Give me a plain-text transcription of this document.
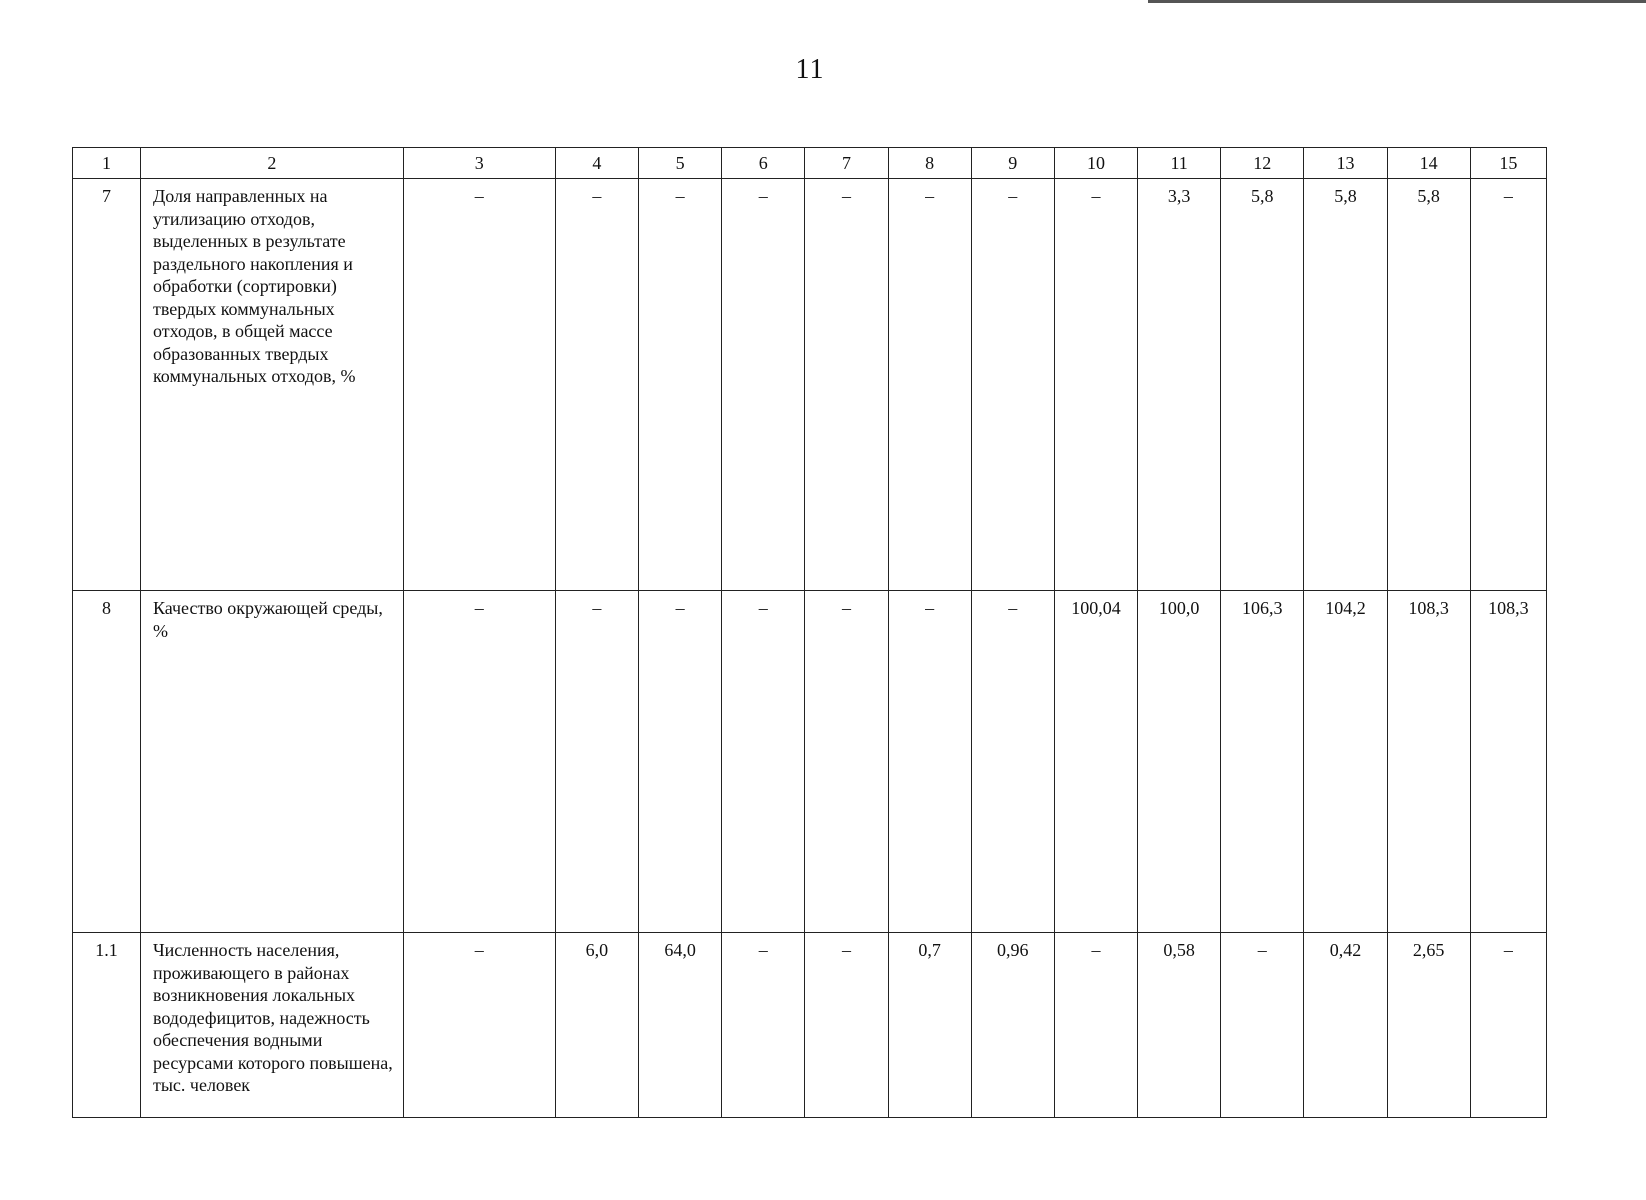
11
1	2	3	4	5	6	7	8	9	10	11	12	13	14	15
7	Доля направленных на утилизацию отходов, выделенных в результате раздельного накопления и обработки (сортировки) твердых коммунальных отходов, в общей массе образованных твердых коммунальных отходов, %	–	–	–	–	–	–	–	–	3,3	5,8	5,8	5,8	–
8	Качество окружающей среды, %	–	–	–	–	–	–	–	100,04	100,0	106,3	104,2	108,3	108,3
1.1	Численность населения, проживающего в районах возникновения локальных вододефицитов, надежность обеспечения водными ресурсами которого повышена, тыс. человек	–	6,0	64,0	–	–	0,7	0,96	–	0,58	–	0,42	2,65	–
